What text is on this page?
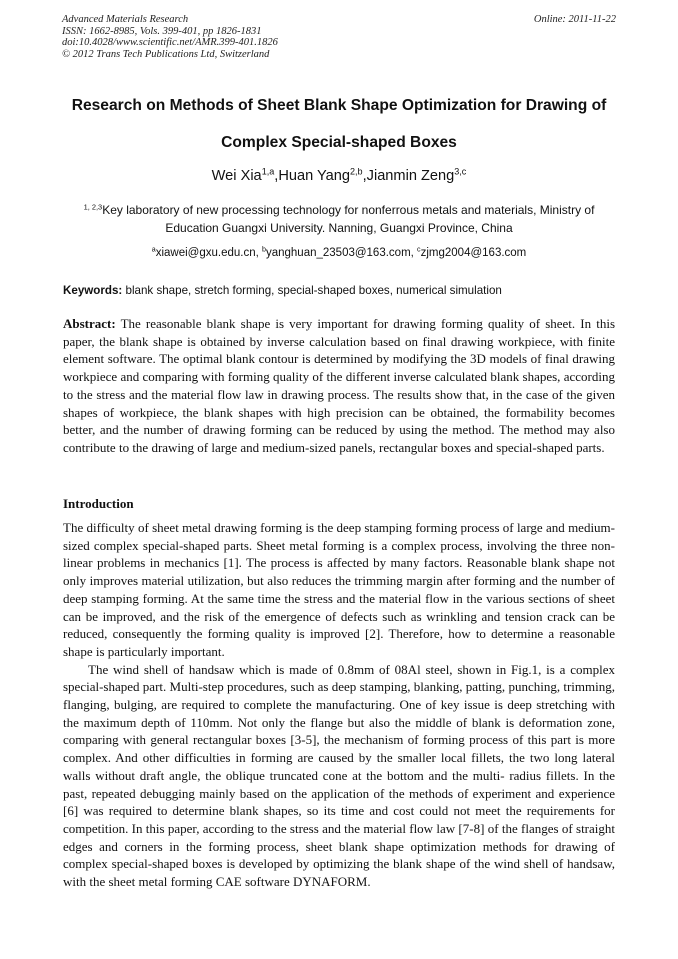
Advanced Materials Research
ISSN: 1662-8985, Vols. 399-401, pp 1826-1831
doi:10.4028/www.scientific.net/AMR.399-401.1826
© 2012 Trans Tech Publications Ltd, Switzerland
Online: 2011-11-22
Research on Methods of Sheet Blank Shape Optimization for Drawing of Complex Special-shaped Boxes
Wei Xia$^{1,a}$,Huan Yang$^{2,b}$,Jianmin Zeng$^{3,c}$
$^{1, 2,3}$Key laboratory of new processing technology for nonferrous metals and materials, Ministry of Education Guangxi University. Nanning, Guangxi Province, China
$^a$xiawei@gxu.edu.cn, $^b$yanghuan_23503@163.com, $^c$zjmg2004@163.com
Keywords: blank shape, stretch forming, special-shaped boxes, numerical simulation
Abstract: The reasonable blank shape is very important for drawing forming quality of sheet. In this paper, the blank shape is obtained by inverse calculation based on final drawing workpiece, with finite element software. The optimal blank contour is determined by modifying the 3D models of final drawing workpiece and comparing with forming quality of the different inverse calculated blank shapes, according to the stress and the material flow law in drawing process. The results show that, in the case of the given shapes of workpiece, the blank shapes with high precision can be obtained, the formability becomes better, and the number of drawing forming can be reduced by using the method. The method may also contribute to the drawing of large and medium-sized panels, rectangular boxes and special-shaped parts.
Introduction

The difficulty of sheet metal drawing forming is the deep stamping forming process of large and medium-sized complex special-shaped parts. Sheet metal forming is a complex process, involving the three non-linear problems in mechanics [1]. The process is affected by many factors. Reasonable blank shape not only improves material utilization, but also reduces the trimming margin after forming and the number of deep stamping forming. At the same time the stress and the material flow in the various sections of sheet can be improved, and the risk of the emergence of defects such as wrinkling and tension crack can be reduced, consequently the forming quality is improved [2]. Therefore, how to determine a reasonable shape is particularly important.

The wind shell of handsaw which is made of 0.8mm of 08Al steel, shown in Fig.1, is a complex special-shaped part. Multi-step procedures, such as deep stamping, blanking, patting, punching, trimming, flanging, bulging, are required to complete the manufacturing. One of key issue is deep stretching with the maximum depth of 110mm. Not only the flange but also the middle of blank is deformation zone, comparing with general rectangular boxes [3-5], the mechanism of forming process of this part is more complex. And other difficulties in forming are caused by the smaller local fillets, the two long lateral walls without draft angle, the oblique truncated cone at the bottom and the multi- radius fillets. In the past, repeated debugging mainly based on the application of the methods of experiment and experience [6] was required to determine blank shapes, so its time and cost could not meet the requirements for competition. In this paper, according to the stress and the material flow law [7-8] of the flanges of straight edges and corners in the forming process, sheet blank shape optimization methods for drawing of complex special-shaped boxes is developed by optimizing the blank shape of the wind shell of handsaw, with the sheet metal forming CAE software DYNAFORM.
